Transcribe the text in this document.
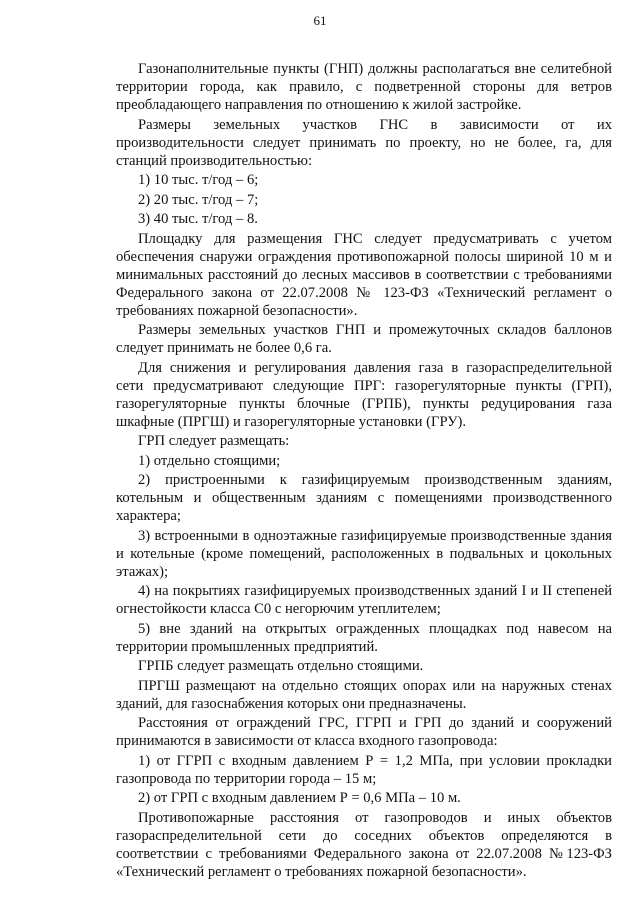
61

Газонаполнительные пункты (ГНП) должны располагаться вне селитебной территории города, как правило, с подветренной стороны для ветров преобладающего направления по отношению к жилой застройке.

Размеры земельных участков ГНС в зависимости от их производительности следует принимать по проекту, но не более, га, для станций производительностью:

1) 10 тыс. т/год – 6;

2) 20 тыс. т/год – 7;

3) 40 тыс. т/год – 8.

Площадку для размещения ГНС следует предусматривать с учетом обеспечения снаружи ограждения противопожарной полосы шириной 10 м и минимальных расстояний до лесных массивов в соответствии с требованиями Федерального закона от 22.07.2008 № 123-ФЗ «Технический регламент о требованиях пожарной безопасности».

Размеры земельных участков ГНП и промежуточных складов баллонов следует принимать не более 0,6 га.

Для снижения и регулирования давления газа в газораспределительной сети предусматривают следующие ПРГ: газорегуляторные пункты (ГРП), газорегуляторные пункты блочные (ГРПБ), пункты редуцирования газа шкафные (ПРГШ) и газорегуляторные установки (ГРУ).

ГРП следует размещать:

1) отдельно стоящими;

2) пристроенными к газифицируемым производственным зданиям, котельным и общественным зданиям с помещениями производственного характера;

3) встроенными в одноэтажные газифицируемые производственные здания и котельные (кроме помещений, расположенных в подвальных и цокольных этажах);

4) на покрытиях газифицируемых производственных зданий I и II степеней огнестойкости класса С0 с негорючим утеплителем;

5) вне зданий на открытых огражденных площадках под навесом на территории промышленных предприятий.

ГРПБ следует размещать отдельно стоящими.

ПРГШ размещают на отдельно стоящих опорах или на наружных стенах зданий, для газоснабжения которых они предназначены.

Расстояния от ограждений ГРС, ГГРП и ГРП до зданий и сооружений принимаются в зависимости от класса входного газопровода:

1) от ГГРП с входным давлением Р = 1,2 МПа, при условии прокладки газопровода по территории города – 15 м;

2) от ГРП с входным давлением Р = 0,6 МПа – 10 м.

Противопожарные расстояния от газопроводов и иных объектов газораспределительной сети до соседних объектов определяются в соответствии с требованиями Федерального закона от 22.07.2008 №123-ФЗ «Технический регламент о требованиях пожарной безопасности».
